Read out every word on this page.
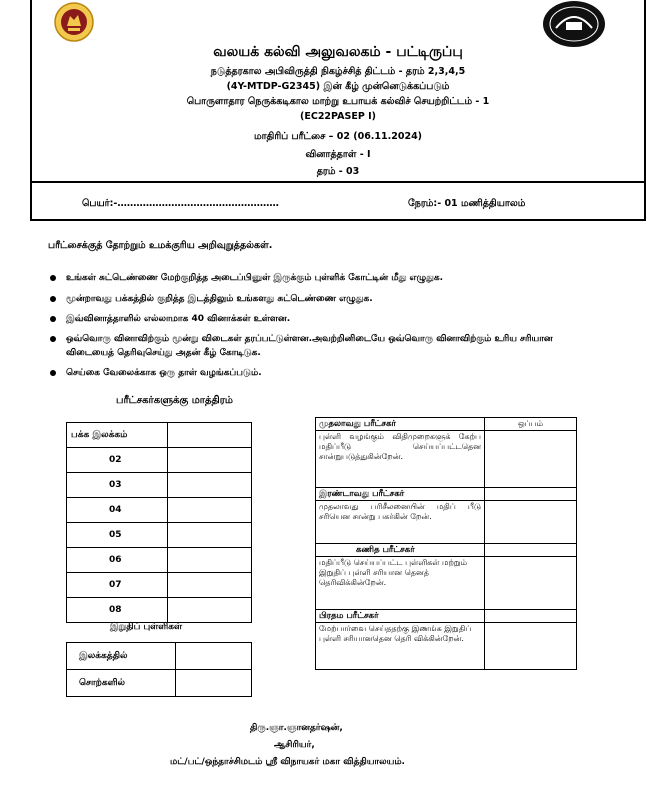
வலயக் கல்வி அலுவலகம் - பட்டிருப்பு
நடுத்தரகால அபிவிருத்தி நிகழ்ச்சித் திட்டம் - தரம் 2,3,4,5
(4Y-MTDP-G2345) இன் கீழ் முன்னெடுக்கப்படும்
பொருளாதார நெருக்கடிகால மாற்று உபாயக் கல்விச் செயற்றிட்டம் - 1
(EC22PASEP I)
மாதிரிப் பரீட்சை – 02 (06.11.2024)
வினாத்தாள் - I
தரம் - 03
பெயர்:-……………………………………………	நேரம்:- 01 மணித்தியாலம்
பரீட்சைக்குத் தோற்றும் உமக்குரிய அறிவுறுத்தல்கள்.
உங்கள் சுட்டெண்ணை மேற்குறித்த அடைப்பினுள் இருக்கும் புள்ளிக் கோட்டின் மீது எழுதுக.
மூன்றாவது பக்கத்தில் குறித்த இடத்திலும் உங்களது சுட்டெண்ணை எழுதுக.
இவ்வினாத்தாளில் எல்லாமாக 40 வினாக்கள் உள்ளன.
ஒவ்வொரு வினாவிற்கும் மூன்று விடைகள் தரப்பட்டுள்ளன.அவற்றினிடையே ஒவ்வொரு வினாவிற்கும் உரிய சரியான விடையைத் தெரிவுசெய்து அதன் கீழ் கோடிடுக.
செய்கை வேலைக்காக ஒரு தாள் வழங்கப்படும்.
பரீட்சகர்களுக்கு மாத்திரம்
பக்க இலக்கம்	
02	
03	
04	
05	
06	
07	
08	
இறுதிப் புள்ளிகள்
இலக்கத்தில்	
சொற்களில்	
முதலாவது பரீட்சகர்	ஒப்பம்
புள்ளி வழங்கும் விதிமுறைகளுக் கேற்ப மதிப்பீடு செய்யப்பட்டதென சான்றுபடுத்துகின்றேன்.	
இரண்டாவது பரீட்சகர்	
முதலாவது பரிசீலனையின் மதிப் பீடு சரியென சான்று பகர்கின் றேன்.	
கணித பரீட்சகர்	
மதிப்பீடு செய்யப்பட்ட புள்ளிகள் மற்றும் இறுதிப் புள்ளி சரியான தெனத் தெரிவிக்கின்றேன்.	
பிரதம பரீட்சகர்	
மேற்பார்வை செய்ததற்கு இணங்க இறுதிப் புள்ளி சரியானதென தெரி விக்கின்றேன்.	
திரு.ஞா.ஞானதர்ஷன்,
ஆசிரியர்,
மட்/பட்/ஒந்தாச்சிமடம் ஸ்ரீ விநாயகர் மகா வித்தியாலயம்.
